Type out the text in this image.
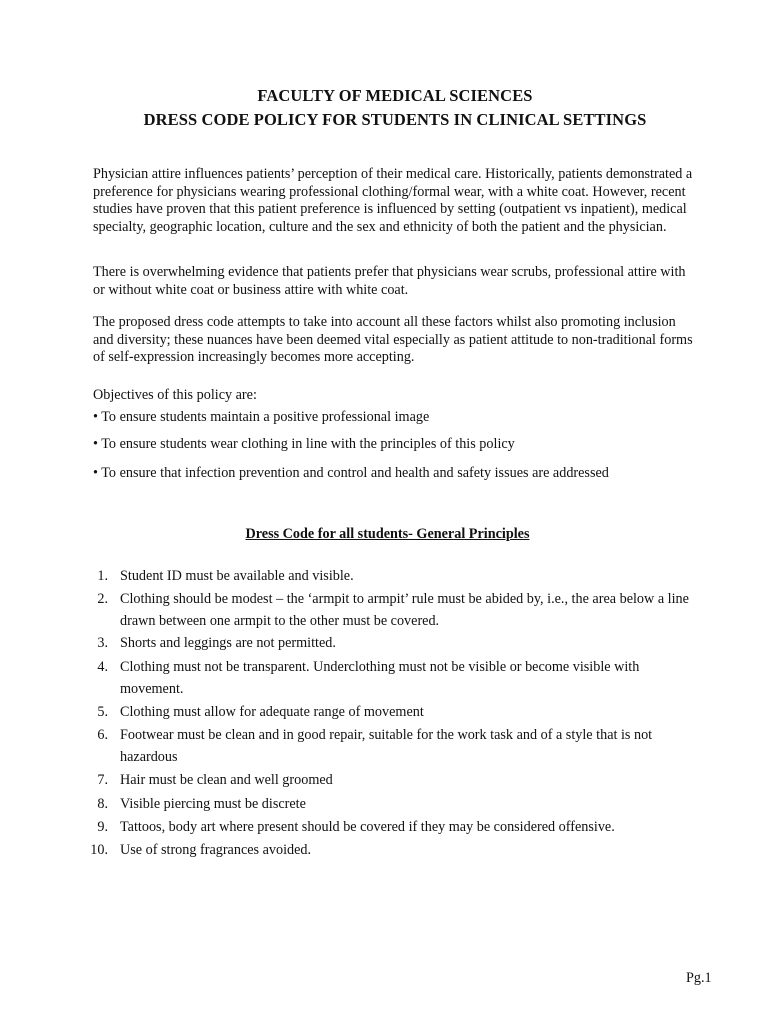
FACULTY OF MEDICAL SCIENCES
DRESS CODE POLICY FOR STUDENTS IN CLINICAL SETTINGS
Physician attire influences patients’ perception of their medical care. Historically, patients demonstrated a preference for physicians wearing professional clothing/formal wear, with a white coat. However, recent studies have proven that this patient preference is influenced by setting (outpatient vs inpatient), medical specialty, geographic location, culture and the sex and ethnicity of both the patient and the physician.
There is overwhelming evidence that patients prefer that physicians wear scrubs, professional attire with or without white coat or business attire with white coat.
The proposed dress code attempts to take into account all these factors whilst also promoting inclusion and diversity; these nuances have been deemed vital especially as patient attitude to non-traditional forms of self-expression increasingly becomes more accepting.
Objectives of this policy are:
• To ensure students maintain a positive professional image
• To ensure students wear clothing in line with the principles of this policy
• To ensure that infection prevention and control and health and safety issues are addressed
Dress Code for all students- General Principles
1. Student ID must be available and visible.
2. Clothing should be modest – the ‘armpit to armpit’ rule must be abided by, i.e., the area below a line drawn between one armpit to the other must be covered.
3. Shorts and leggings are not permitted.
4. Clothing must not be transparent. Underclothing must not be visible or become visible with movement.
5. Clothing must allow for adequate range of movement
6. Footwear must be clean and in good repair, suitable for the work task and of a style that is not hazardous
7. Hair must be clean and well groomed
8. Visible piercing must be discrete
9. Tattoos, body art where present should be covered if they may be considered offensive.
10. Use of strong fragrances avoided.
Pg.1
